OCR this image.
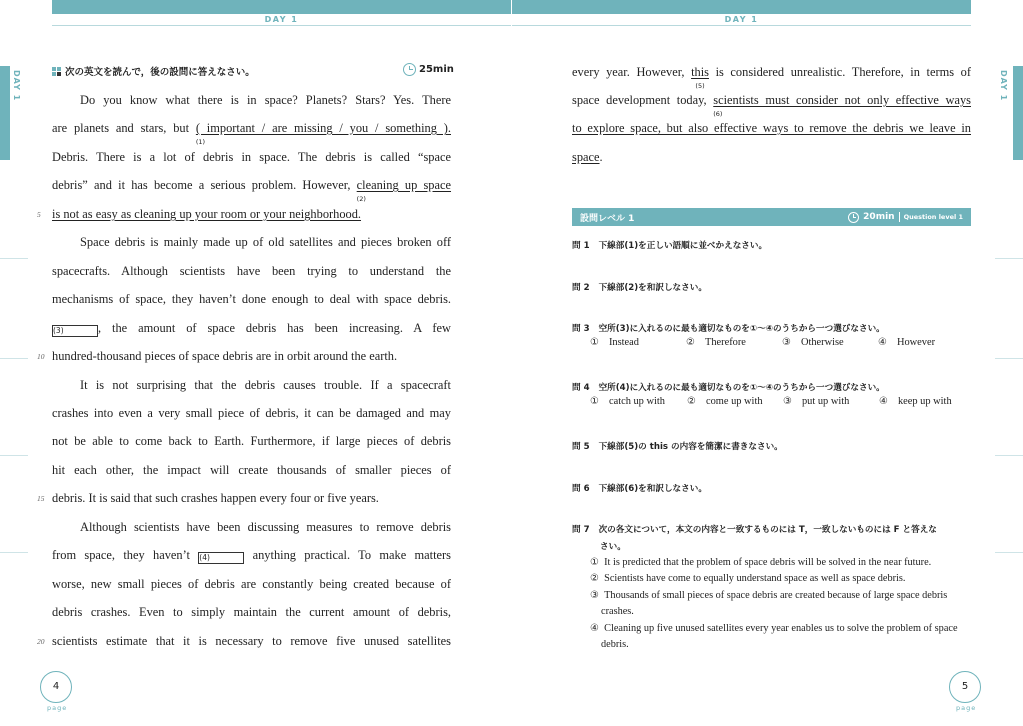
DAY 1	DAY 1
DAY 1	DAY 1
次の英文を読んで，後の設問に答えなさい。	25min
Do you know what there is in space? Planets? Stars? Yes. There
are planets and stars, but ( important / are missing / you / something ).
(1)
Debris. There is a lot of debris in space. The debris is called “space
debris” and it has become a serious problem. However, cleaning up space
(2)
is not as easy as cleaning up your room or your neighborhood.
Space debris is mainly made up of old satellites and pieces broken off
spacecrafts. Although scientists have been trying to understand the
mechanisms of space, they haven’t done enough to deal with space debris.
(3)	, the amount of space debris has been increasing. A few
hundred-thousand pieces of space debris are in orbit around the earth.
It is not surprising that the debris causes trouble. If a spacecraft
crashes into even a very small piece of debris, it can be damaged and may
not be able to come back to Earth. Furthermore, if large pieces of debris
hit each other, the impact will create thousands of smaller pieces of
debris. It is said that such crashes happen every four or five years.
Although scientists have been discussing measures to remove debris
from space, they haven’t (4)	anything practical. To make matters
worse, new small pieces of debris are constantly being created because of
debris crashes. Even to simply maintain the current amount of debris,
scientists estimate that it is necessary to remove five unused satellites
5
10
15
20
4
page
every year. However, this
(5)
is considered unrealistic. Therefore, in terms of
space development today,
(6)
scientists must consider not only effective ways
to explore space, but also effective ways to remove the debris we leave in
space.
設問レベル 1	20min Question level 1
問 1 下線部(1)を正しい語順に並べかえなさい。
問 2 下線部(2)を和訳しなさい。
問 3 空所(3)に入れるのに最も適切なものを①〜④のうちから一つ選びなさい。
① Instead	② Therefore	③ Otherwise	④ However
問 4 空所(4)に入れるのに最も適切なものを①〜④のうちから一つ選びなさい。
① catch up with ② come up with ③ put up with	④ keep up with
問 5 下線部(5)の this の内容を簡潔に書きなさい。
問 6 下線部(6)を和訳しなさい。
問 7 次の各文について，本文の内容と一致するものには T，一致しないものには F と答えな
さい。
① It is predicted that the problem of space debris will be solved in the near future.
② Scientists have come to equally understand space as well as space debris.
③ Thousands of small pieces of space debris are created because of large space debris crashes.
④ Cleaning up five unused satellites every year enables us to solve the problem of space debris.
5
page
